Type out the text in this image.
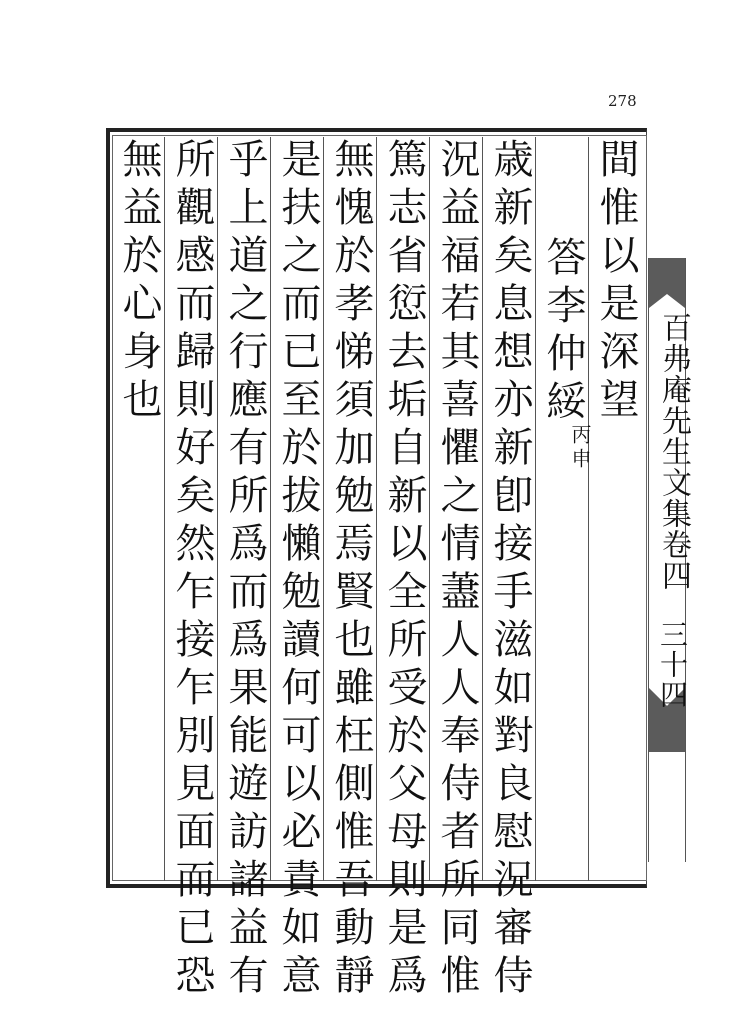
278
間惟以是深望
答李仲綏
丙申
歳新矣息想亦新卽接手滋如對良慰況審侍
況益福若其喜懼之情藎人人奉侍者所同惟
篤志省愆去垢自新以全所受於父母則是爲
無愧於孝悌須加勉焉賢也雖枉側惟吾動靜
是扶之而已至於拔懶勉讀何可以必責如意
乎上道之行應有所爲而爲果能遊訪諸益有
所觀感而歸則好矣然乍接乍別見面而已恐
無益於心身也
百弗庵先生文集卷四
三十四
